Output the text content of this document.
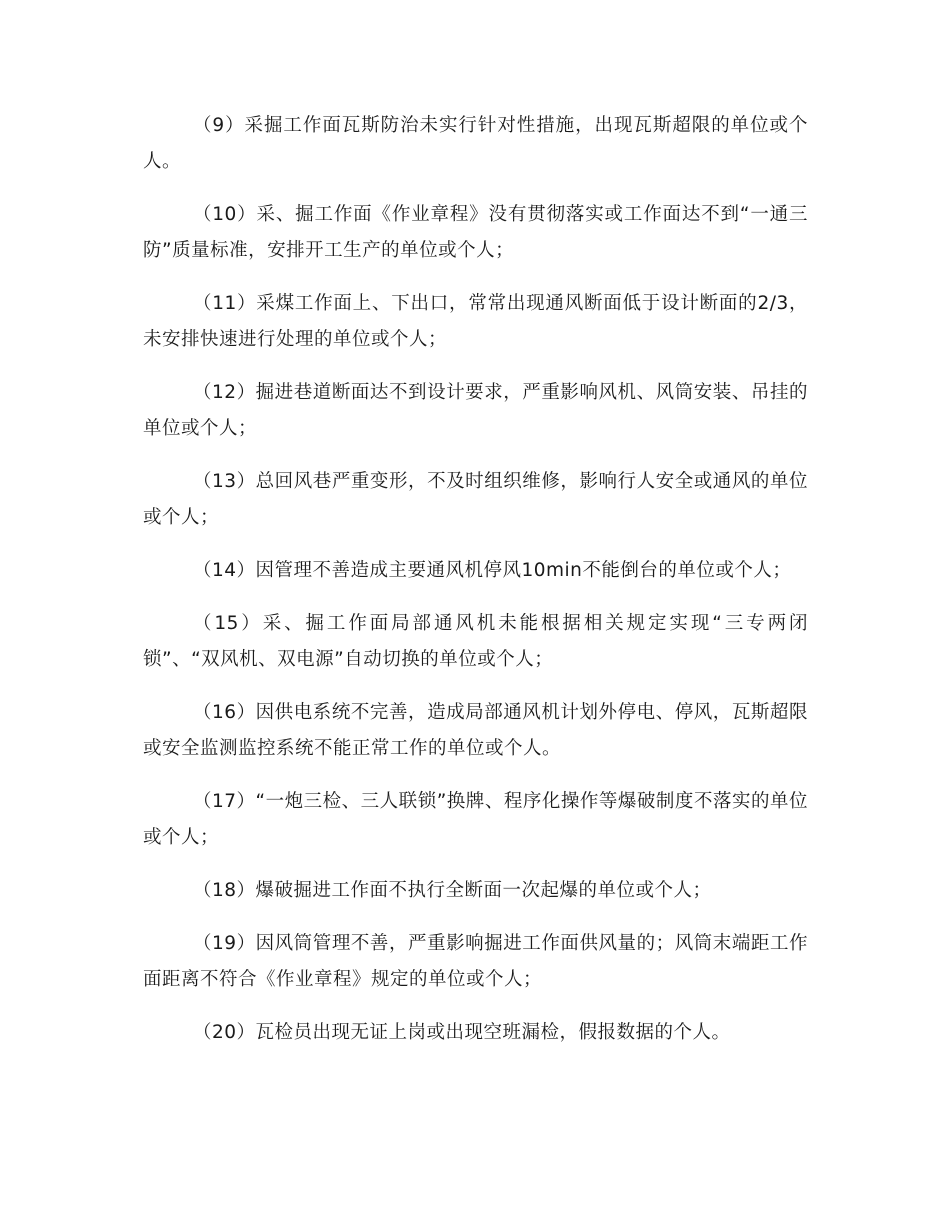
（9）采掘工作面瓦斯防治未实行针对性措施，出现瓦斯超限的单位或个人。

（10）采、掘工作面《作业章程》没有贯彻落实或工作面达不到“一通三防”质量标准，安排开工生产的单位或个人；

（11）采煤工作面上、下出口，常常出现通风断面低于设计断面的2/3，未安排快速进行处理的单位或个人；

（12）掘进巷道断面达不到设计要求，严重影响风机、风筒安装、吊挂的单位或个人；

（13）总回风巷严重变形，不及时组织维修，影响行人安全或通风的单位或个人；

（14）因管理不善造成主要通风机停风10min不能倒台的单位或个人；

（15）采、掘工作面局部通风机未能根据相关规定实现“三专两闭锁”、“双风机、双电源”自动切换的单位或个人；

（16）因供电系统不完善，造成局部通风机计划外停电、停风，瓦斯超限或安全监测监控系统不能正常工作的单位或个人。

（17）“一炮三检、三人联锁”换牌、程序化操作等爆破制度不落实的单位或个人；

（18）爆破掘进工作面不执行全断面一次起爆的单位或个人；

（19）因风筒管理不善，严重影响掘进工作面供风量的；风筒末端距工作面距离不符合《作业章程》规定的单位或个人；

（20）瓦检员出现无证上岗或出现空班漏检，假报数据的个人。
